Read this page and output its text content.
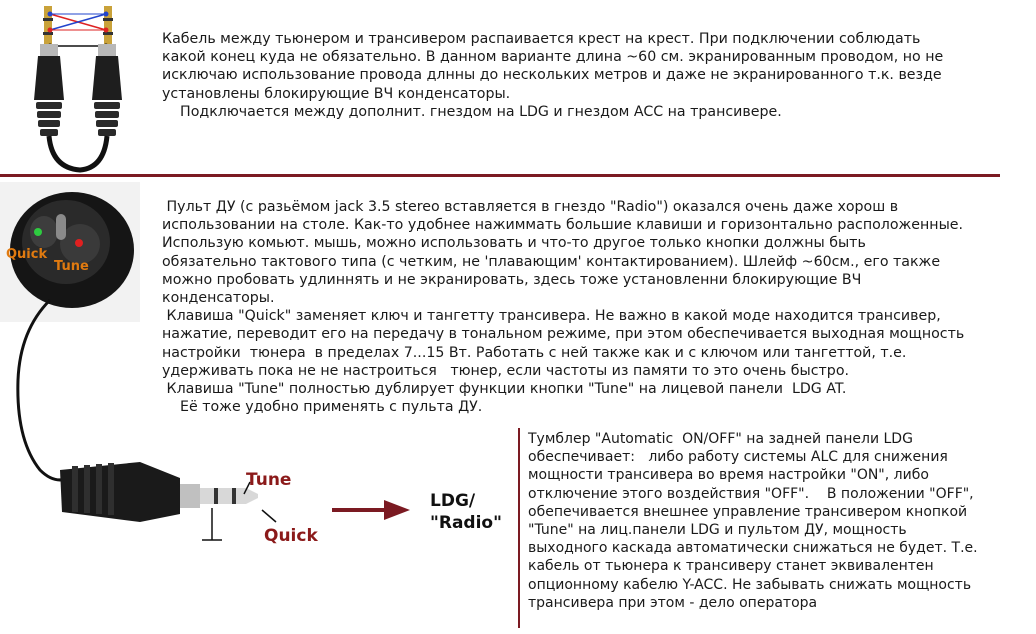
Кабель между тьюнером и трансивером распаивается крест на крест. При подключении соблюдать
какой конец куда не обязательно. В данном варианте длина ~60 см. экранированным проводом, но не
исключаю использование провода длнны до нескольких метров и даже не экранированного т.к. везде
установлены блокирующие ВЧ конденсаторы.
Подключается между дополнит. гнездом на LDG и гнездом ACC на трансивере.
Пульт ДУ (с разьёмом jack 3.5 stereo вставляется в гнездо "Radio") оказался очень даже хорош в
использовании на столе. Как-то удобнее нажиммать большие клавиши и горизонтально расположенные.
Использую комьют. мышь, можно использовать и что-то другое только кнопки должны быть
обязательно тактового типа (с четким, не 'плавающим' контактированием). Шлейф ~60см., его также
можно пробовать удлиннять и не экранировать, здесь тоже установленни блокирующие ВЧ
конденсаторы.
Клавиша "Quick" заменяет ключ и тангетту трансивера. Не важно в какой моде находится трансивер,
нажатие, переводит его на передачу в тональном режиме, при этом обеспечивается выходная мощность
настройки  тюнера  в пределах 7...15 Вт. Работать с ней также как и с ключом или тангеттой, т.е.
удерживать пока не не настроиться   тюнер, если частоты из памяти то это очень быстро.
Клавиша "Tune" полностью дублирует функции кнопки "Tune" на лицевой панели  LDG AT.
Её тоже удобно применять с пульта ДУ.
Тумблер "Automatic  ON/OFF" на задней панели LDG
обеспечивает:   либо работу системы ALC для снижения
мощности трансивера во время настройки "ON", либо
отключение этого воздействия "OFF".    В положении "OFF",
обепечивается внешнее управление трансивером кнопкой
"Tune" на лиц.панели LDG и пультом ДУ, мощность
выходного каскада автоматически снижаться не будет. Т.е.
кабель от тьюнера к трансиверу станет эквивалентен
опционному кабелю Y-ACC. Не забывать снижать мощность
трансивера при этом - дело оператора
LDG/
"Radio"
Tune
Quick
Quick
Tune
